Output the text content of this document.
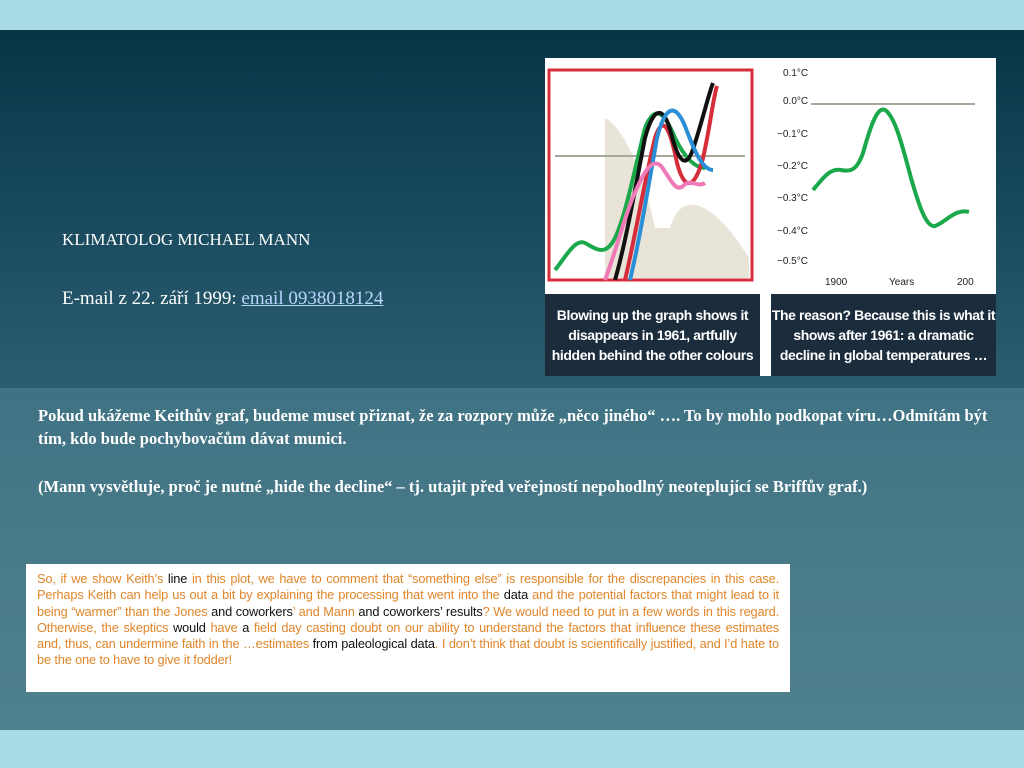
KLIMATOLOG MICHAEL MANN
E-mail z 22. září 1999: email 0938018124
0.1°C
0.0°C
−0.1°C
−0.2°C
−0.3°C
−0.4°C
−0.5°C
1900	Years	200
Blowing up the graph shows it disappears in 1961, artfully hidden behind the other colours
The reason? Because this is what it shows after 1961: a dramatic decline in global temperatures …
Pokud ukážeme Keithův graf, budeme muset přiznat, že za rozpory může „něco jiného“ …. To by mohlo podkopat víru…Odmítám být tím, kdo bude pochybovačům dávat munici.
(Mann vysvětluje, proč je nutné „hide the decline“ – tj. utajit před veřejností nepohodlný neoteplující se Briffův graf.)
So, if we show Keith’s line in this plot, we have to comment that “something else” is responsible for the discrepancies in this case. Perhaps Keith can help us out a bit by explaining the processing that went into the data and the potential factors that might lead to it being “warmer” than the Jones and coworkers’ and Mann and coworkers’ results? We would need to put in a few words in this regard. Otherwise, the skeptics would have a field day casting doubt on our ability to understand the factors that influence these estimates and, thus, can undermine faith in the …estimates from paleological data. I don’t think that doubt is scientifically justified, and I’d hate to be the one to have to give it fodder!
